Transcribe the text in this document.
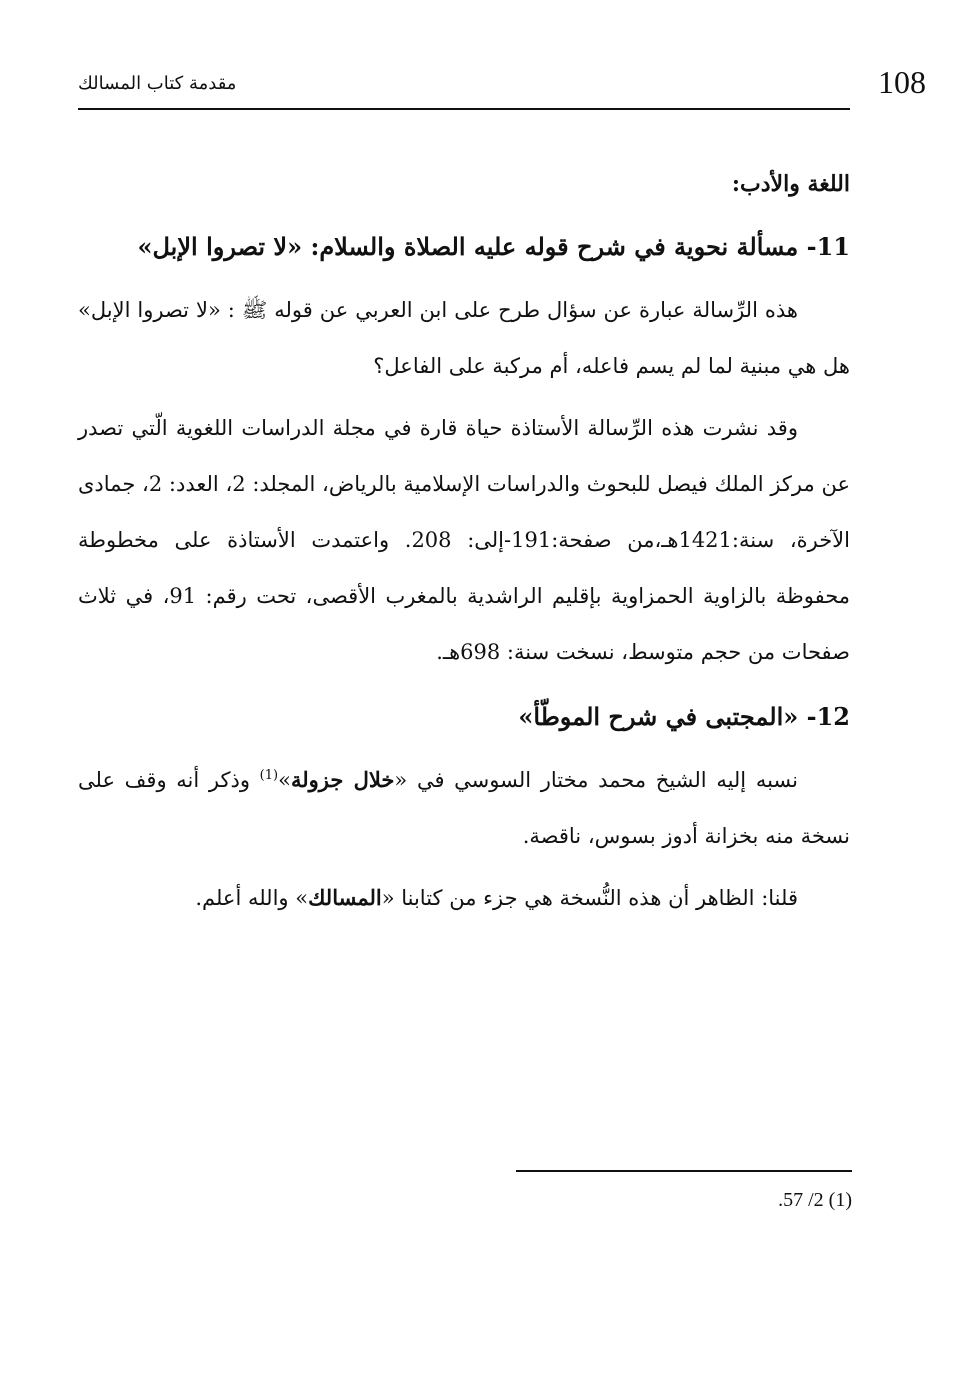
مقدمة كتاب المسالك	108
اللغة والأدب:
11- مسألة نحوية في شرح قوله عليه الصلاة والسلام: «لا تصروا الإبل»

هذه الرِّسالة عبارة عن سؤال طرح على ابن العربي عن قوله ﷺ : «لا تصروا الإبل» هل هي مبنية لما لم يسم فاعله، أم مركبة على الفاعل؟

وقد نشرت هذه الرِّسالة الأستاذة حياة قارة في مجلة الدراسات اللغوية الّتي تصدر عن مركز الملك فيصل للبحوث والدراسات الإسلامية بالرياض، المجلد: 2، العدد: 2، جمادى الآخرة، سنة:1421هـ،من صفحة:191-إلى: 208. واعتمدت الأستاذة على مخطوطة محفوظة بالزاوية الحمزاوية بإقليم الراشدية بالمغرب الأقصى، تحت رقم: 91، في ثلاث صفحات من حجم متوسط، نسخت سنة: 698هـ.

12- «المجتبى في شرح الموطّأ»

نسبه إليه الشيخ محمد مختار السوسي في «خلال جزولة»$^{(1)}$ وذكر أنه وقف على نسخة منه بخزانة أدوز بسوس، ناقصة.

قلنا: الظاهر أن هذه النُّسخة هي جزء من كتابنا «المسالك» والله أعلم.

.57 /2 (1)
